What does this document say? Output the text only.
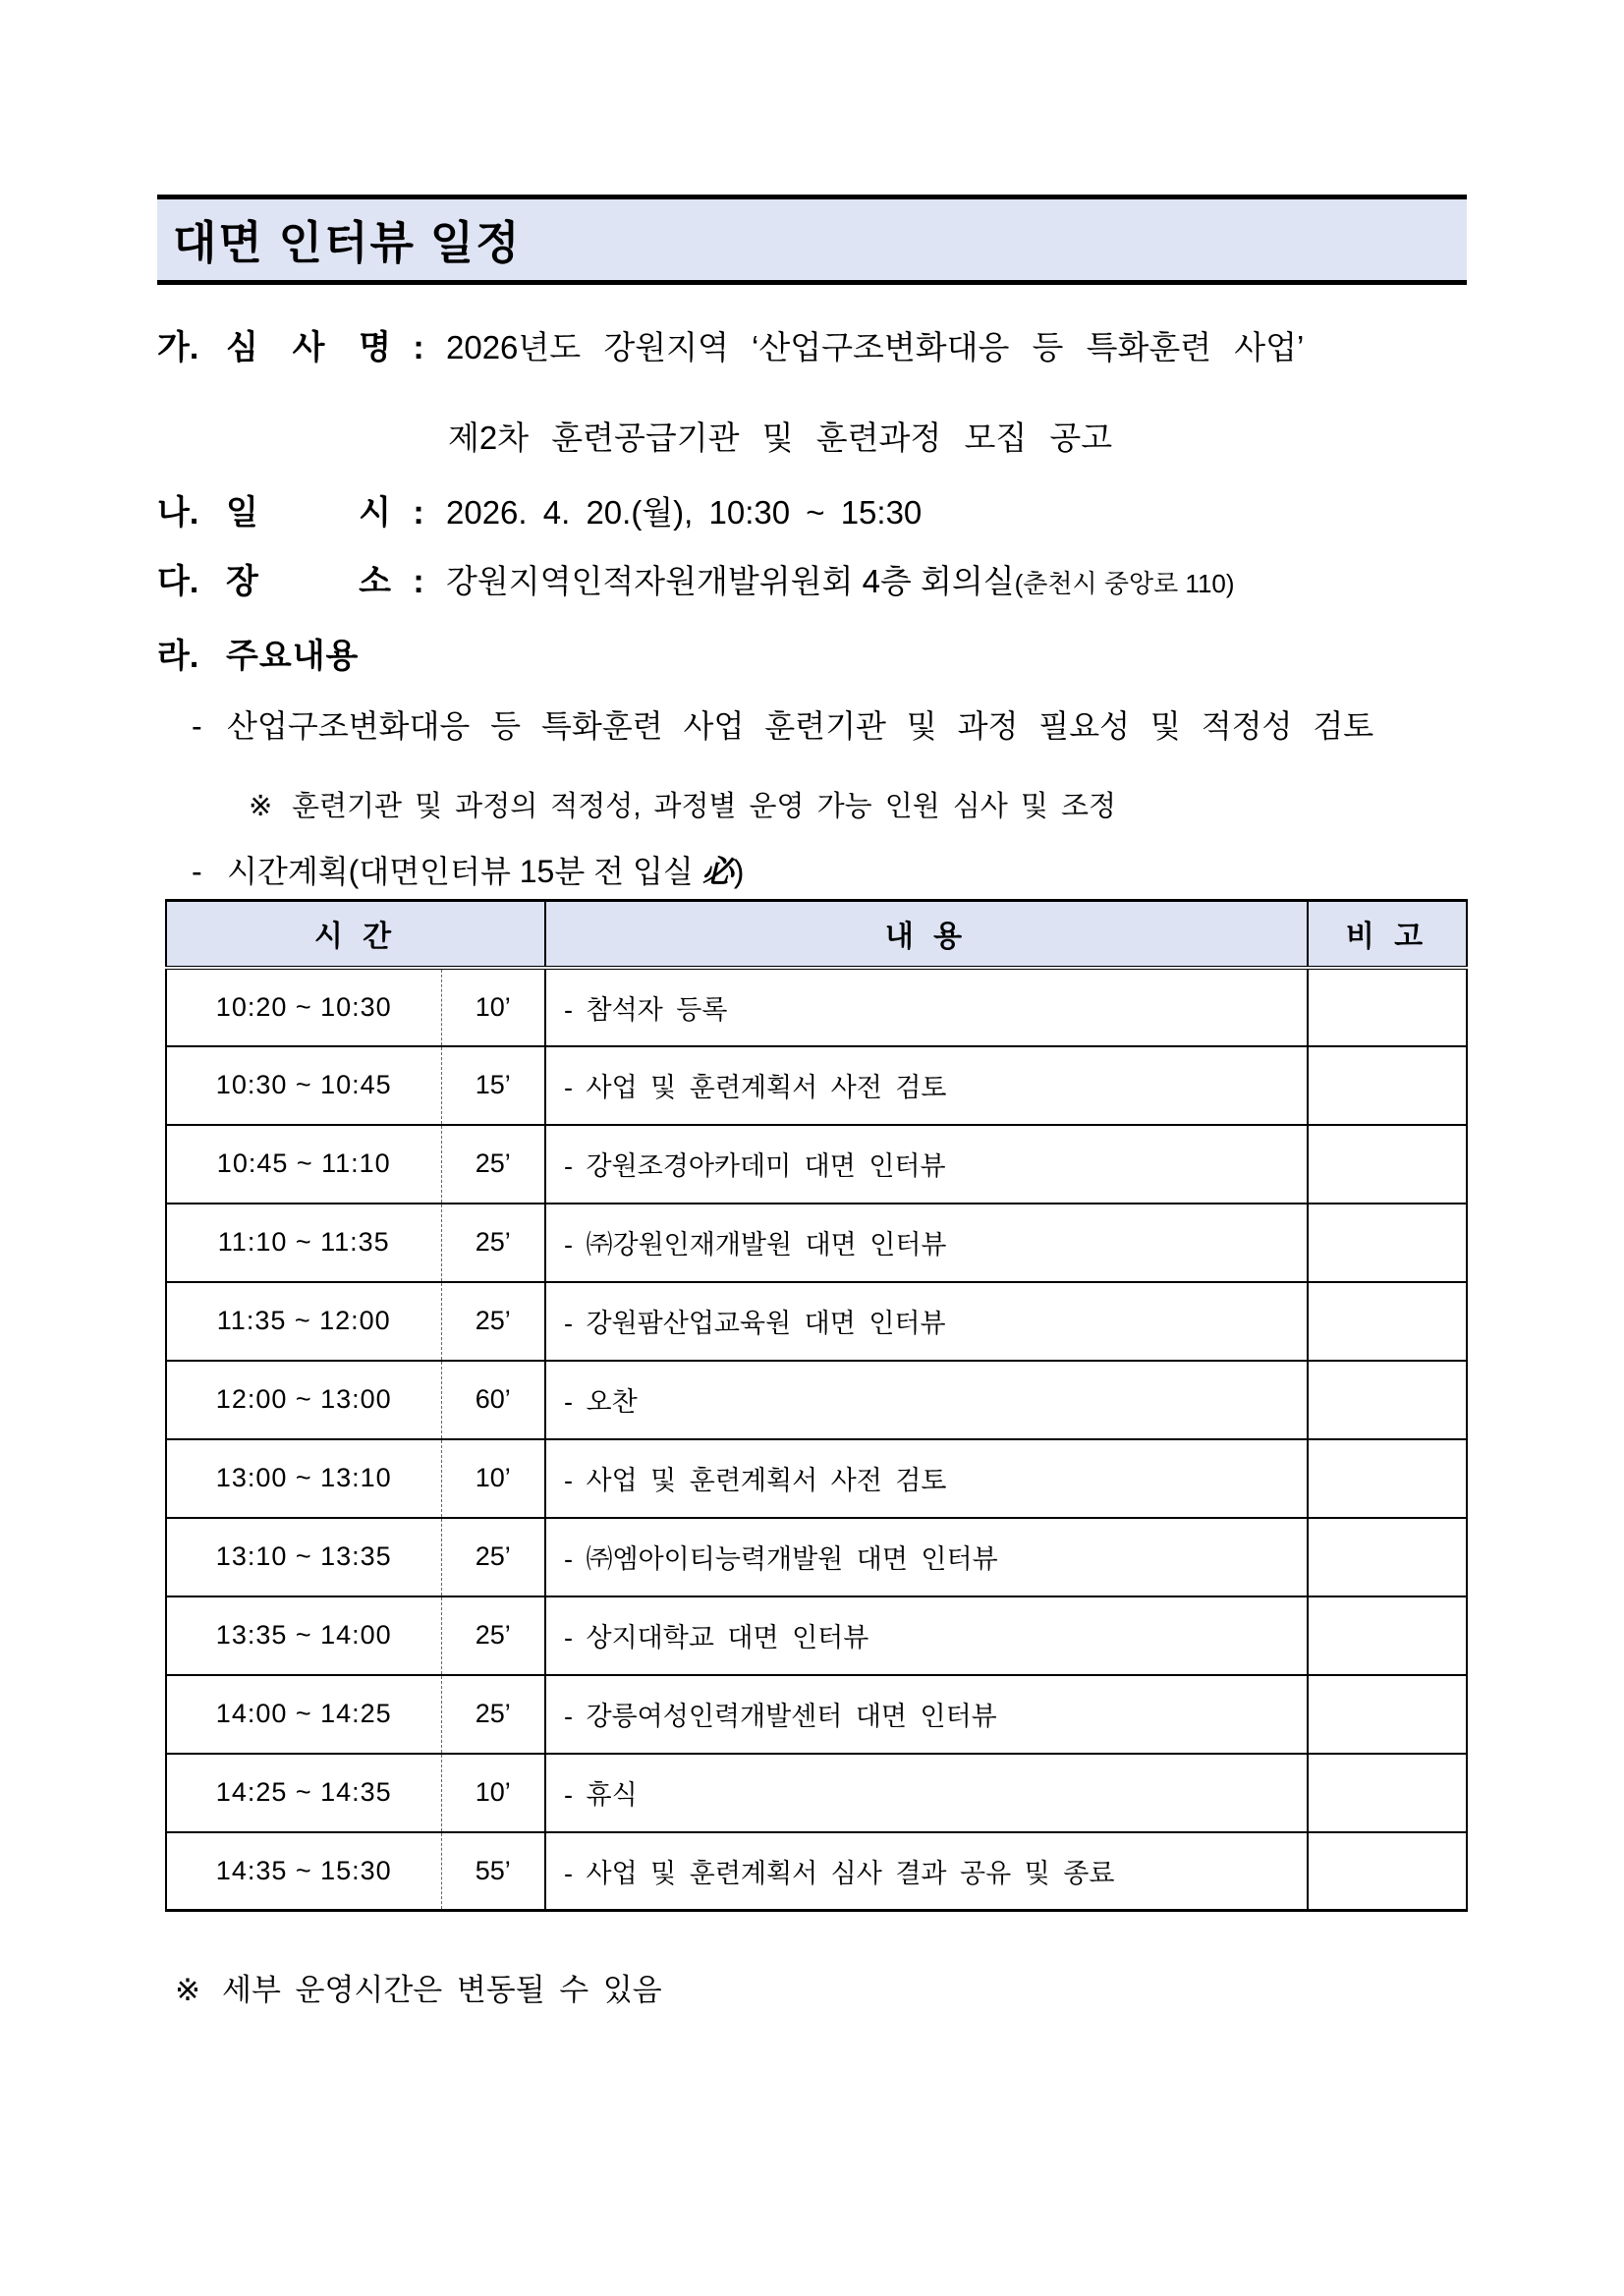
대면 인터뷰 일정
가. 심 사 명 : 2026년도 강원지역 ‘산업구조변화대응 등 특화훈련 사업’
제2차 훈련공급기관 및 훈련과정 모집 공고
나. 일 시 : 2026. 4. 20.(월), 10:30 ~ 15:30
다. 장 소 : 강원지역인적자원개발위원회 4층 회의실(춘천시 중앙로 110)
라. 주요내용
- 산업구조변화대응 등 특화훈련 사업 훈련기관 및 과정 필요성 및 적정성 검토
※ 훈련기관 및 과정의 적정성, 과정별 운영 가능 인원 심사 및 조정
- 시간계획(대면인터뷰 15분 전 입실 必)
시 간		내 용	비 고
10:20 ~ 10:30	10’	- 참석자 등록	
10:30 ~ 10:45	15’	- 사업 및 훈련계획서 사전 검토	
10:45 ~ 11:10	25’	- 강원조경아카데미 대면 인터뷰	
11:10 ~ 11:35	25’	- ㈜강원인재개발원 대면 인터뷰	
11:35 ~ 12:00	25’	- 강원팜산업교육원 대면 인터뷰	
12:00 ~ 13:00	60’	- 오찬	
13:00 ~ 13:10	10’	- 사업 및 훈련계획서 사전 검토	
13:10 ~ 13:35	25’	- ㈜엠아이티능력개발원 대면 인터뷰	
13:35 ~ 14:00	25’	- 상지대학교 대면 인터뷰	
14:00 ~ 14:25	25’	- 강릉여성인력개발센터 대면 인터뷰	
14:25 ~ 14:35	10’	- 휴식	
14:35 ~ 15:30	55’	- 사업 및 훈련계획서 심사 결과 공유 및 종료	
※ 세부 운영시간은 변동될 수 있음
